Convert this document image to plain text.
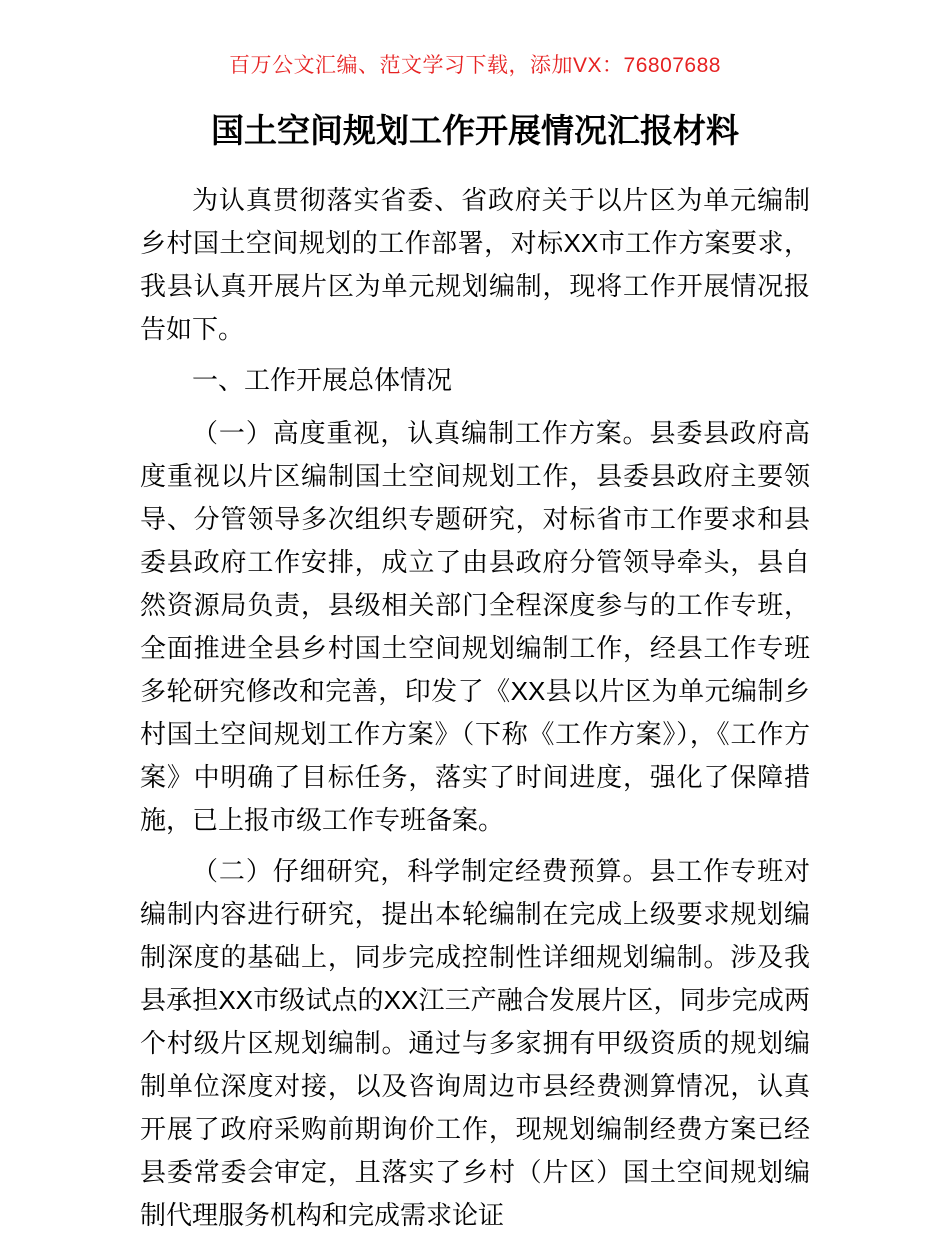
百万公文汇编、范文学习下载，添加VX：76807688
国土空间规划工作开展情况汇报材料

为认真贯彻落实省委、省政府关于以片区为单元编制乡村国土空间规划的工作部署，对标XX市工作方案要求，我县认真开展片区为单元规划编制，现将工作开展情况报告如下。

一、工作开展总体情况

（一）高度重视，认真编制工作方案。县委县政府高度重视以片区编制国土空间规划工作，县委县政府主要领导、分管领导多次组织专题研究，对标省市工作要求和县委县政府工作安排，成立了由县政府分管领导牵头，县自然资源局负责，县级相关部门全程深度参与的工作专班，全面推进全县乡村国土空间规划编制工作，经县工作专班多轮研究修改和完善，印发了《XX县以片区为单元编制乡村国土空间规划工作方案》（下称《工作方案》），《工作方案》中明确了目标任务，落实了时间进度，强化了保障措施，已上报市级工作专班备案。

（二）仔细研究，科学制定经费预算。县工作专班对编制内容进行研究，提出本轮编制在完成上级要求规划编制深度的基础上，同步完成控制性详细规划编制。涉及我县承担XX市级试点的XX江三产融合发展片区，同步完成两个村级片区规划编制。通过与多家拥有甲级资质的规划编制单位深度对接，以及咨询周边市县经费测算情况，认真开展了政府采购前期询价工作，现规划编制经费方案已经县委常委会审定，且落实了乡村（片区）国土空间规划编制代理服务机构和完成需求论证
